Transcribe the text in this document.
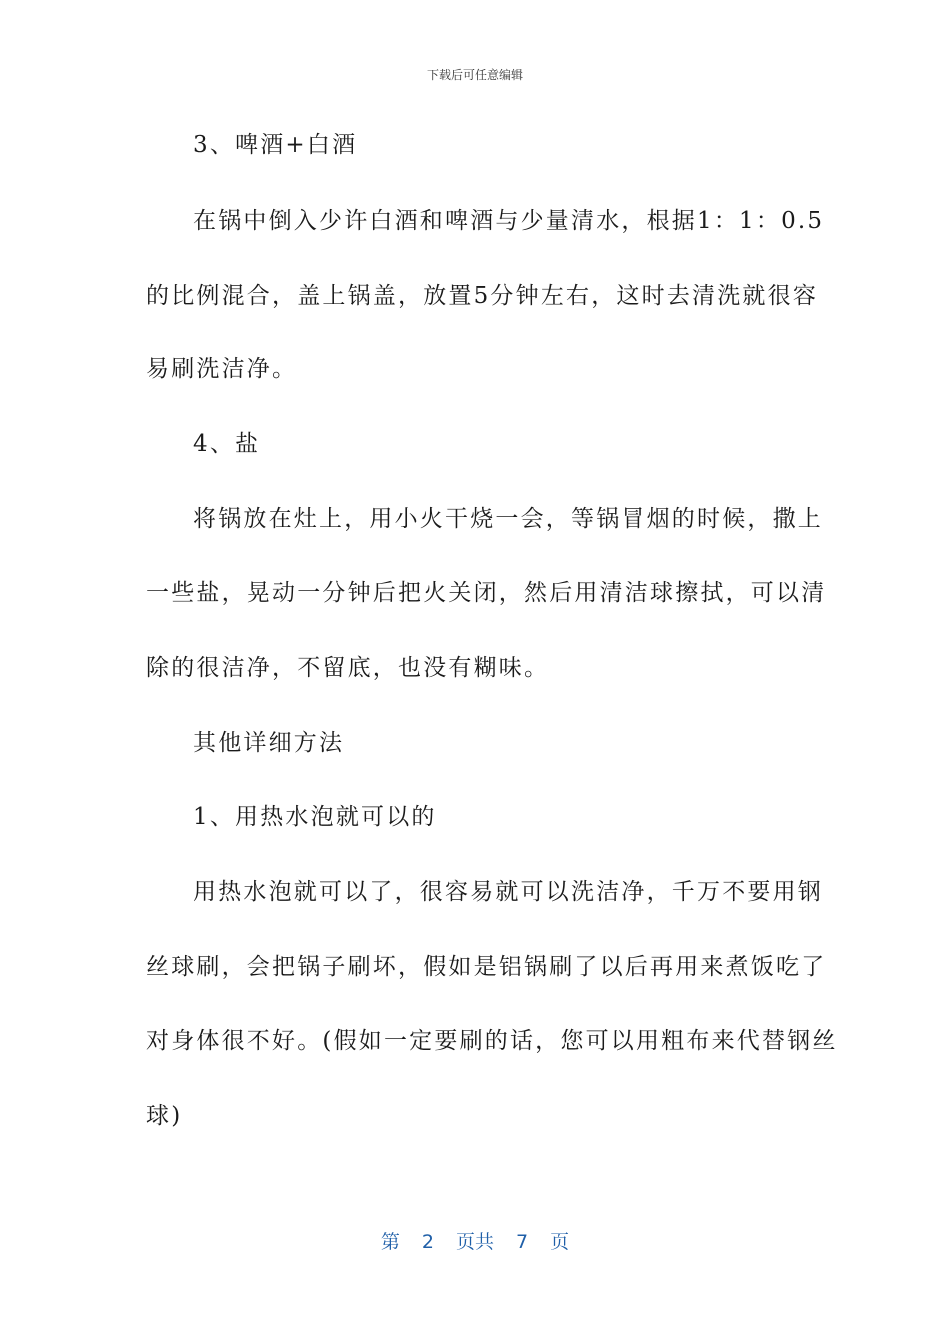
下载后可任意编辑
3、啤酒+白酒
在锅中倒入少许白酒和啤酒与少量清水，根据1：1：0.5
的比例混合，盖上锅盖，放置5分钟左右，这时去清洗就很容
易刷洗洁净。
4、盐
将锅放在灶上，用小火干烧一会，等锅冒烟的时候，撒上
一些盐，晃动一分钟后把火关闭，然后用清洁球擦拭，可以清
除的很洁净，不留底，也没有糊味。
其他详细方法
1、用热水泡就可以的
用热水泡就可以了，很容易就可以洗洁净，千万不要用钢
丝球刷，会把锅子刷坏，假如是铝锅刷了以后再用来煮饭吃了
对身体很不好。(假如一定要刷的话，您可以用粗布来代替钢丝
球)
第 2 页共 7 页
